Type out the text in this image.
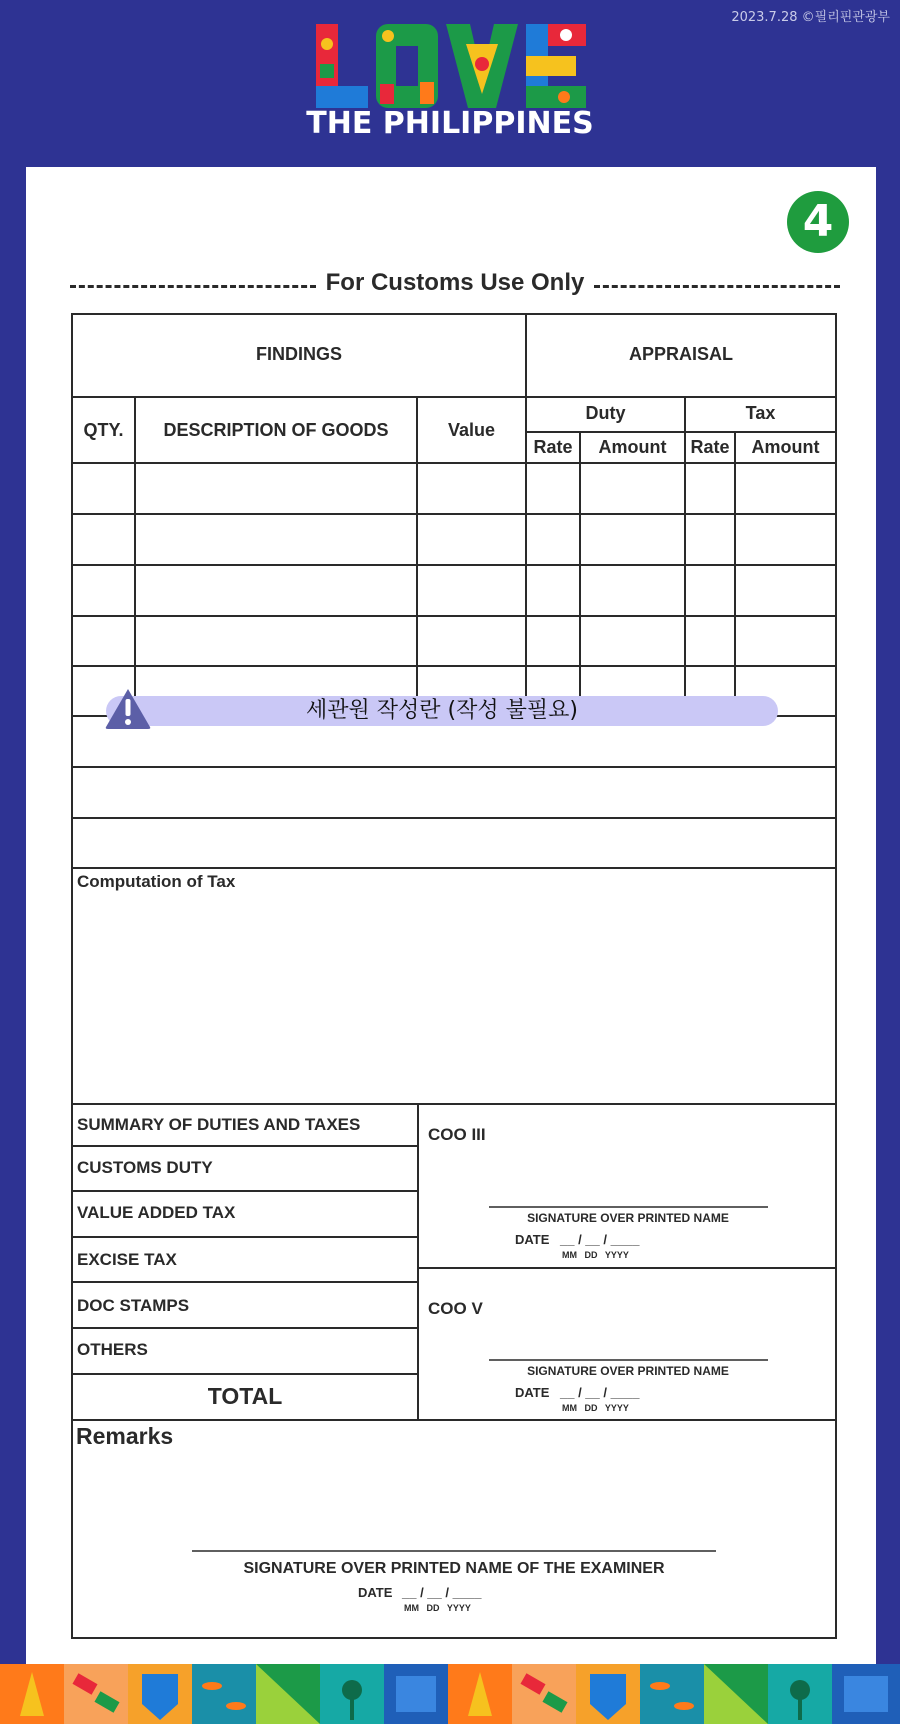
2023.7.28 ©필리핀관광부
THE PHILIPPINES
4
For Customs Use Only
FINDINGS	APPRAISAL
QTY.	DESCRIPTION OF GOODS	Value
Duty	Tax
Rate	Amount	Rate	Amount
Computation of Tax
SUMMARY OF DUTIES AND TAXES
CUSTOMS DUTY
VALUE ADDED TAX
EXCISE TAX
DOC STAMPS
OTHERS
TOTAL
COO III
SIGNATURE OVER PRINTED NAME
DATE __ / __ / ____
MM   DD   YYYY
COO V
SIGNATURE OVER PRINTED NAME
DATE __ / __ / ____
MM   DD   YYYY
Remarks
SIGNATURE OVER PRINTED NAME OF THE EXAMINER
DATE __ / __ / ____
MM   DD   YYYY
세관원 작성란 (작성 불필요)
